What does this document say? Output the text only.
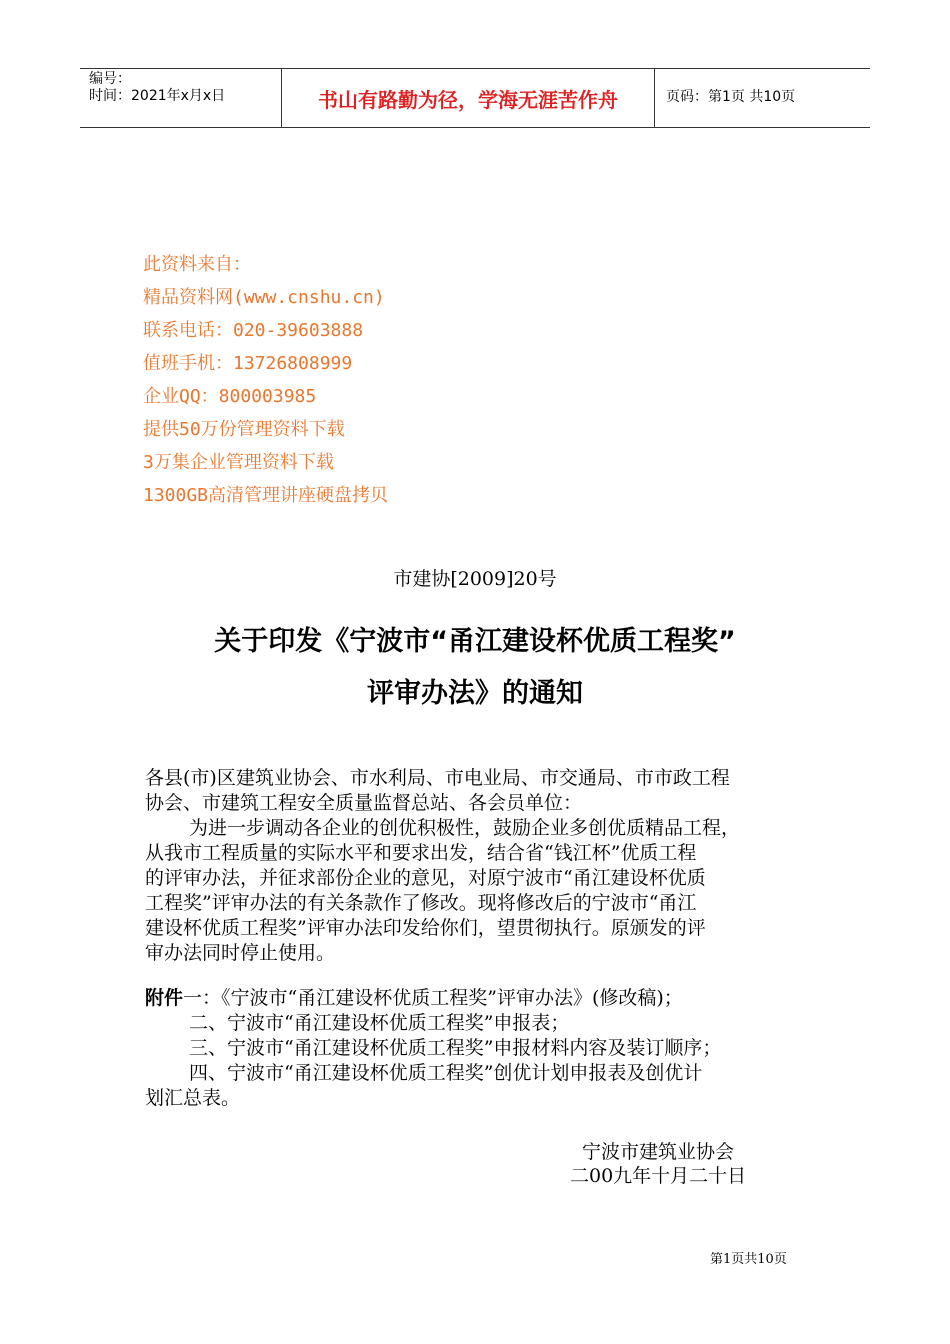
编号：
时间：2021年x月x日	书山有路勤为径，学海无涯苦作舟	页码：第1页 共10页
此资料来自：
精品资料网(www.cnshu.cn)
联系电话：020-39603888
值班手机：13726808999
企业QQ：800003985
提供50万份管理资料下载
3万集企业管理资料下载
1300GB高清管理讲座硬盘拷贝
市建协[2009]20号
关于印发《宁波市“甬江建设杯优质工程奖”
评审办法》的通知
各县(市)区建筑业协会、市水利局、市电业局、市交通局、市市政工程
协会、市建筑工程安全质量监督总站、各会员单位：
为进一步调动各企业的创优积极性，鼓励企业多创优质精品工程，
从我市工程质量的实际水平和要求出发，结合省“钱江杯”优质工程
的评审办法，并征求部份企业的意见，对原宁波市“甬江建设杯优质
工程奖”评审办法的有关条款作了修改。现将修改后的宁波市“甬江
建设杯优质工程奖”评审办法印发给你们，望贯彻执行。原颁发的评
审办法同时停止使用。
附件一：《宁波市“甬江建设杯优质工程奖”评审办法》(修改稿)；
二、宁波市“甬江建设杯优质工程奖”申报表；
三、宁波市“甬江建设杯优质工程奖”申报材料内容及装订顺序；
四、宁波市“甬江建设杯优质工程奖”创优计划申报表及创优计
划汇总表。
宁波市建筑业协会
二00九年十月二十日
第1页共10页
